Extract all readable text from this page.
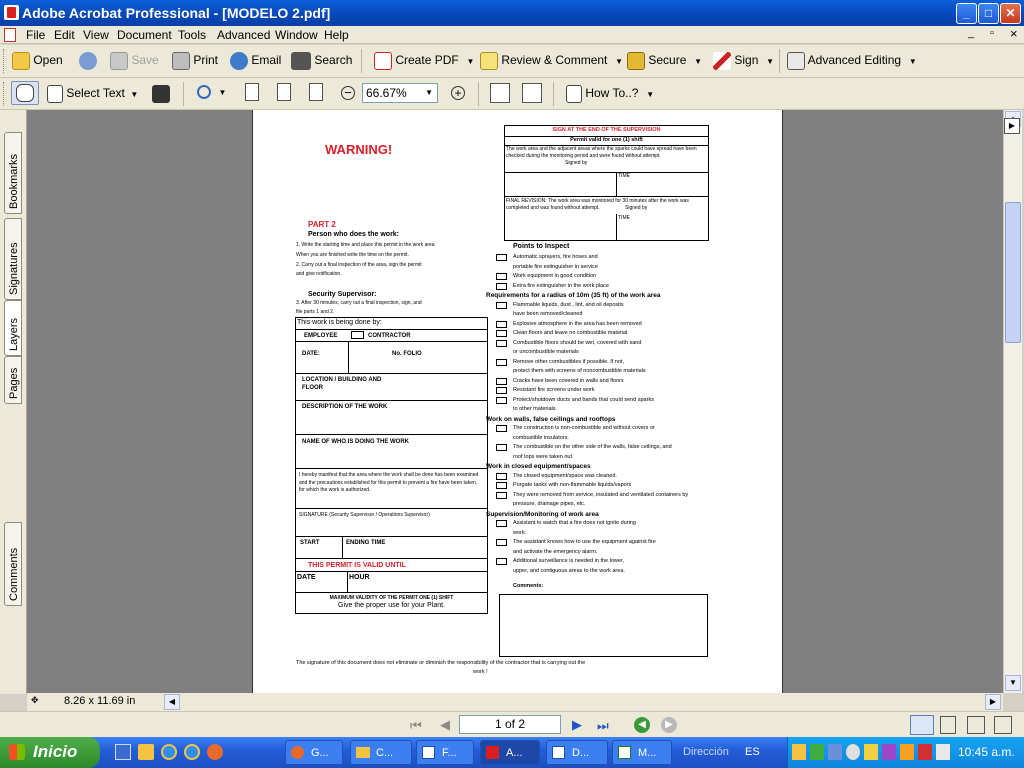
Adobe Acrobat Professional - [MODELO 2.pdf]	_	□	✕
File Edit View Document Tools Advanced Window Help	_ ▫ ×
Open	Save	Print	Email	Search	Create PDF   ▼	Review & Comment   ▼	Secure   ▼	Sign   ▼	Advanced Editing   ▼
Select Text  ▼	▼	−	66.67% ▼ +	How To..?   ▼
Bookmarks
Signatures
Layers
Pages
Comments
WARNING!
SIGN AT THE END OF THE SUPERVISION
Permit valid for one (1) shift
The work area and the adjacent areas where the sparks could have spread have been checked during the monitoring period and were found without attempt.
Signed by
TIME
FINAL REVISION: The work area was monitored for 30 minutes after the work was completed and was found without attempt.	Signed by
TIME
PART 2
Person who does the work:
1. Write the starting time and place this permit in the work area
When you are finished write the time on the permit.
2. Carry out a final inspection of the area, sign the permit
and give notification.
Security Supervisor:
3. After 30 minutes, carry out a final inspection, sign, and
file parts 1 and 2.
This work is being done by:
EMPLOYEE	CONTRACTOR
DATE:	No. FOLIO
LOCATION / BUILDING AND FLOOR
DESCRIPTION OF THE WORK
NAME OF WHO IS DOING THE WORK
I hereby manifest that the area where the work shall be done has been examined and the precautions established for this permit to prevent a fire have been taken, for which the work is authorized.
SIGNATURE (Security Supervisor / Operations Supervisor)
START	ENDING TIME
THIS PERMIT IS VALID UNTIL
DATE	HOUR
MAXIMUM VALIDITY OF THE PERMIT ONE (1) SHIFT
Give the proper use for your Plant.
Points to Inspect
Automatic sprayers, fire hoses and
portable fire extinguisher in service
Work equipment in good condition
Extra fire extinguisher in the work place
Requirements for a radius of 10m (35 ft) of the work area
Flammable liquids, dust , lint, and oil deposits
have been removed/cleaned
Explosive atmosphere in the area has been removed
Clean floors and leave no combustible material
Combustible floors should be wet, covered with sand
or uncombustible materials
Remove other combustibles if possible. If not,
protect them with screens of noncombustible materials
Cracks have been covered in walls and floors
Resistant fire screens under work
Protect/shutdown ducts and bands that could send sparks
to other materials.
Work on walls, false ceilings and rooftops
The construction is non-combustible and without covers or
combustible insulators.
The combustible on the other side of the walls, false ceilings, and
roof tops were taken out.
Work in closed equipment/spaces
The closed equipment/space was cleaned.
Purgate tanks with non-flammable liquids/vapors
They were removed from service, insulated and ventilated containers by
pressure, drainage pipes, etc.
Supervision/Monitoring of work area
Assistant to watch that a fire does not ignite during
work.
The assistant knows how to use the equipment against fire
and activate the emergency alarm.
Additional surveillance is needed in the lower,
upper, and contiguous areas to the work area.
Comments:
The signature of this document does not eliminate or diminish the responsibility of the contractor that is carrying out the
work !
▼
▶
✥ 8.26 x 11.69 in	◀	▶
⏮ ◀	1 of 2	▶ ⏭	◀	▶
Inicio	G...	C...	F...	A...	D...	M... Dirección ES	10:45 a.m.
